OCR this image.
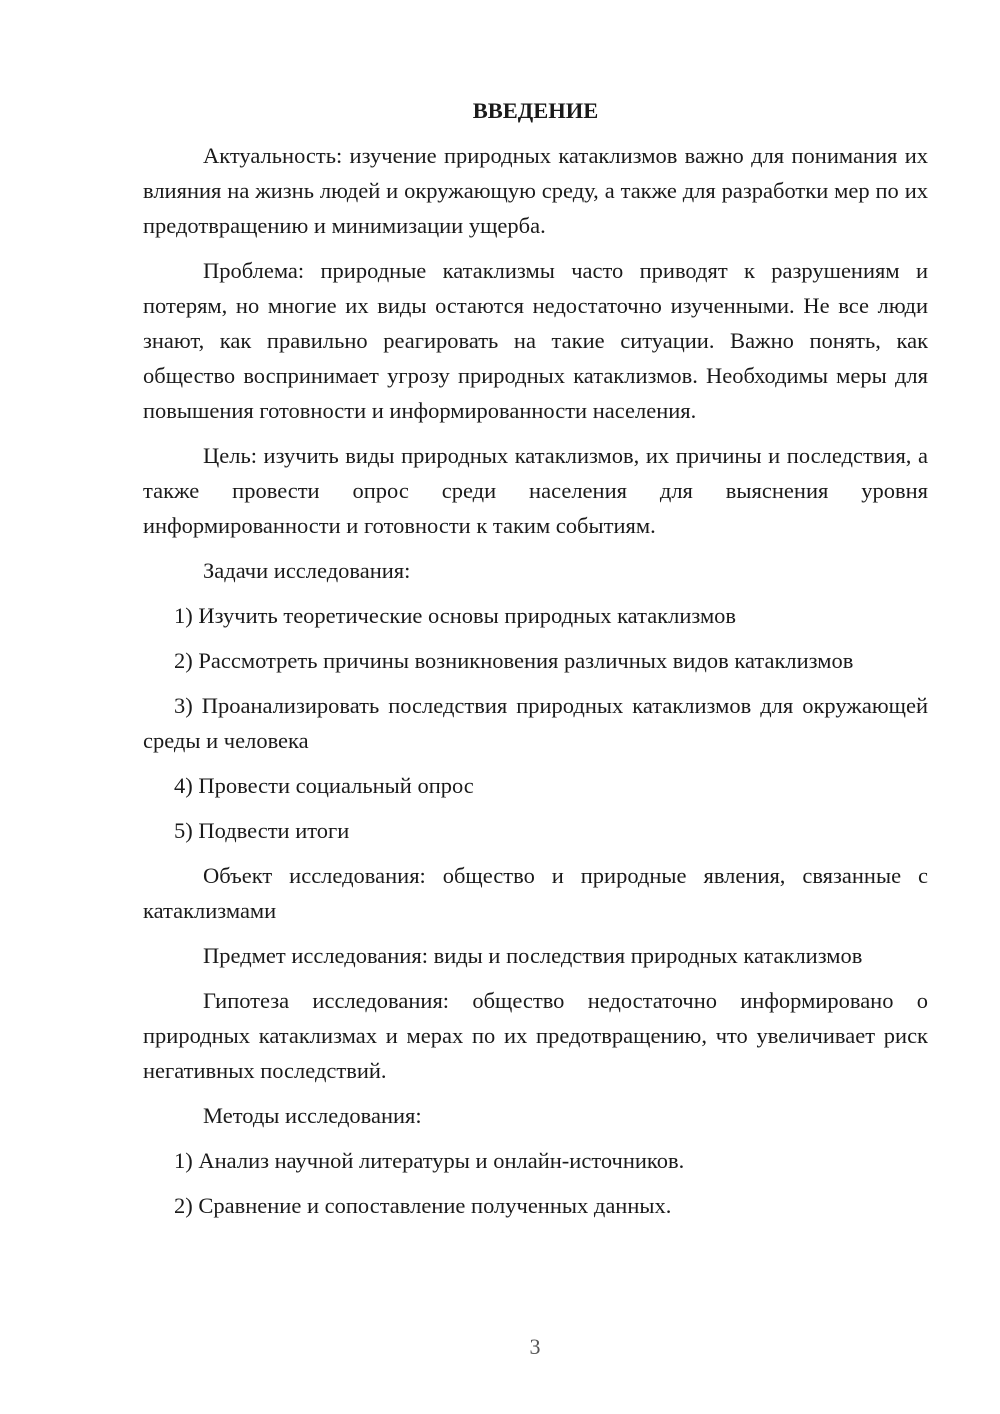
ВВЕДЕНИЕ

Актуальность: изучение природных катаклизмов важно для понимания их влияния на жизнь людей и окружающую среду, а также для разработки мер по их предотвращению и минимизации ущерба.

Проблема: природные катаклизмы часто приводят к разрушениям и потерям, но многие их виды остаются недостаточно изученными. Не все люди знают, как правильно реагировать на такие ситуации. Важно понять, как общество воспринимает угрозу природных катаклизмов. Необходимы меры для повышения готовности и информированности населения.

Цель: изучить виды природных катаклизмов, их причины и последствия, а также провести опрос среди населения для выяснения уровня информированности и готовности к таким событиям.

Задачи исследования:

1) Изучить теоретические основы природных катаклизмов

2) Рассмотреть причины возникновения различных видов катаклизмов

3) Проанализировать последствия природных катаклизмов для окружающей среды и человека

4) Провести социальный опрос

5) Подвести итоги

Объект исследования: общество и природные явления, связанные с катаклизмами

Предмет исследования: виды и последствия природных катаклизмов

Гипотеза исследования: общество недостаточно информировано о природных катаклизмах и мерах по их предотвращению, что увеличивает риск негативных последствий.

Методы исследования:

1) Анализ научной литературы и онлайн-источников.

2) Сравнение и сопоставление полученных данных.

3
